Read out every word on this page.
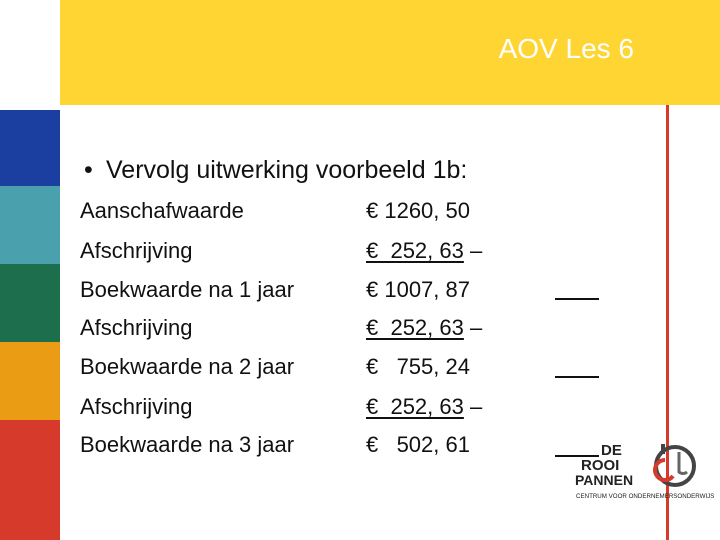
AOV Les 6
• Vervolg uitwerking voorbeeld 1b:

Aanschafwaarde

	€ 1260, 50

Afschrijving

	€  252, 63 –

Boekwaarde na 1 jaar

	€ 1007, 87

Afschrijving

	€  252, 63 –

Boekwaarde na 2 jaar

	€   755, 24

Afschrijving

	€  252, 63 –

Boekwaarde na 3 jaar

	€   502, 61	DE
ROOI
PANNEN
CENTRUM VOOR ONDERNEMERSONDERWIJS
